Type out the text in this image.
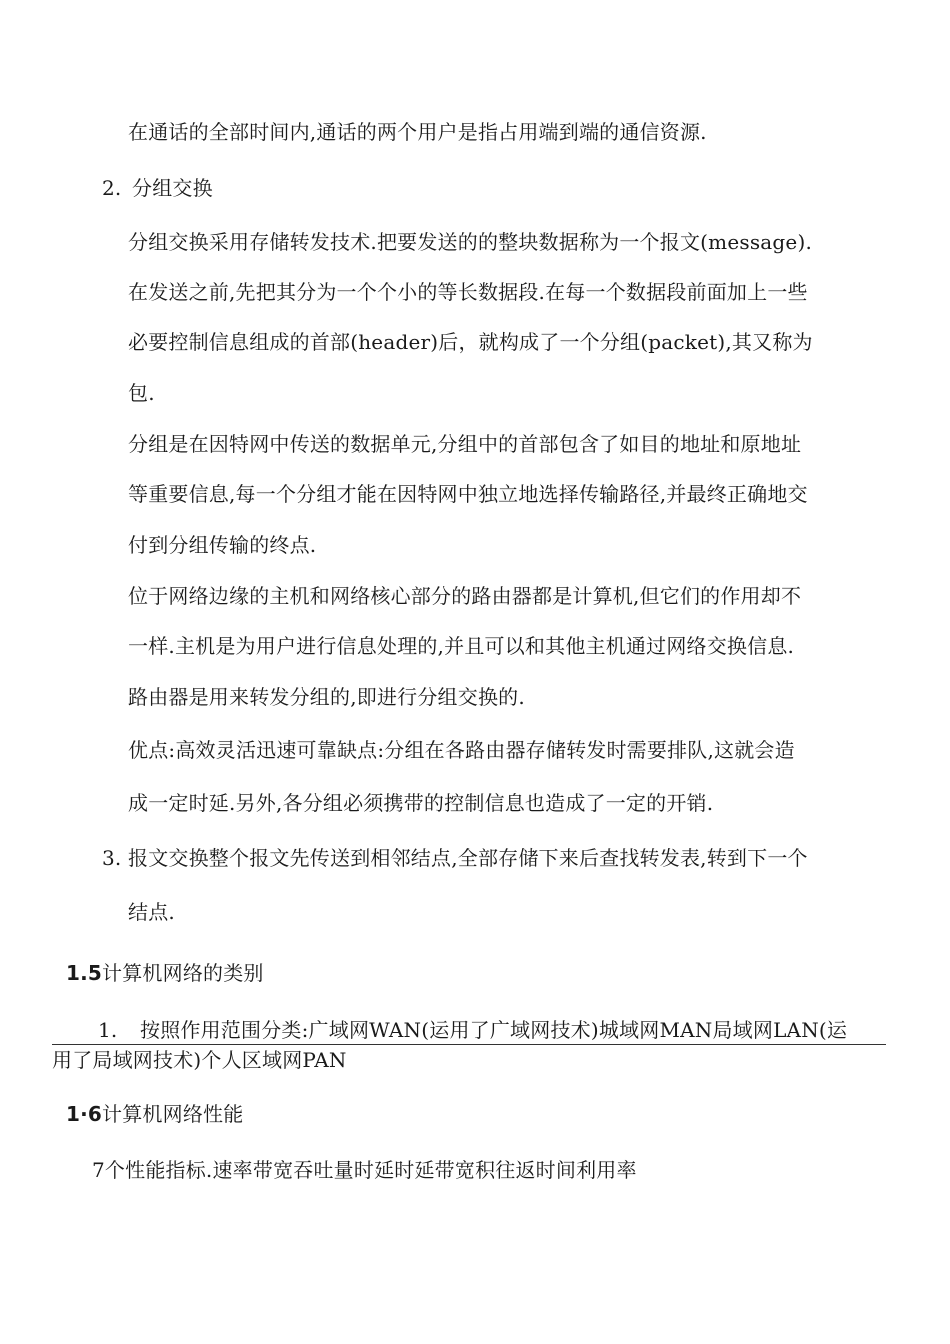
在通话的全部时间内,通话的两个用户是指占用端到端的通信资源.
2. 分组交换
分组交换采用存储转发技术.把要发送的的整块数据称为一个报文(message).
在发送之前,先把其分为一个个小的等长数据段.在每一个数据段前面加上一些
必要控制信息组成的首部(header)后，就构成了一个分组(packet),其又称为
包.
分组是在因特网中传送的数据单元,分组中的首部包含了如目的地址和原地址
等重要信息,每一个分组才能在因特网中独立地选择传输路径,并最终正确地交
付到分组传输的终点.
位于网络边缘的主机和网络核心部分的路由器都是计算机,但它们的作用却不
一样.主机是为用户进行信息处理的,并且可以和其他主机通过网络交换信息.
路由器是用来转发分组的,即进行分组交换的.
优点:高效灵活迅速可靠缺点:分组在各路由器存储转发时需要排队,这就会造
成一定时延.另外,各分组必须携带的控制信息也造成了一定的开销.
3. 报文交换整个报文先传送到相邻结点,全部存储下来后查找转发表,转到下一个
结点.
1.5计算机网络的类别
1. 按照作用范围分类:广域网WAN(运用了广域网技术)城域网MAN局域网LAN(运
用了局域网技术)个人区域网PAN
1·6计算机网络性能
7个性能指标.速率带宽吞吐量时延时延带宽积往返时间利用率
